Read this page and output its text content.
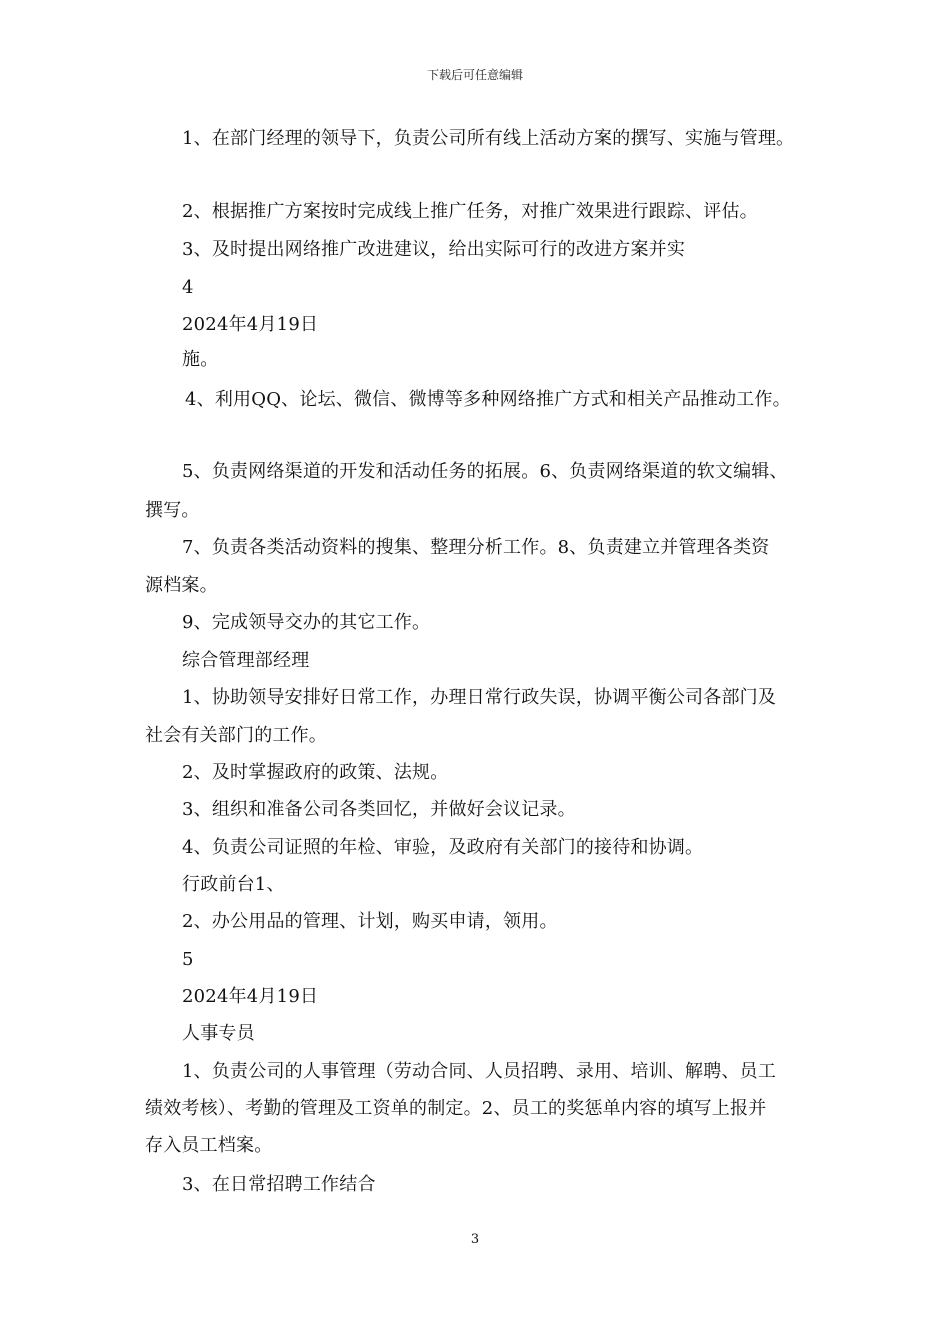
下载后可任意编辑
1、在部门经理的领导下，负责公司所有线上活动方案的撰写、实施与管理。
2、根据推广方案按时完成线上推广任务，对推广效果进行跟踪、评估。
3、及时提出网络推广改进建议，给出实际可行的改进方案并实
4
2024年4月19日
施。
4、利用QQ、论坛、微信、微博等多种网络推广方式和相关产品推动工作。
5、负责网络渠道的开发和活动任务的拓展。6、负责网络渠道的软文编辑、
撰写。
7、负责各类活动资料的搜集、整理分析工作。8、负责建立并管理各类资
源档案。
9、完成领导交办的其它工作。
综合管理部经理
1、协助领导安排好日常工作，办理日常行政失误，协调平衡公司各部门及
社会有关部门的工作。
2、及时掌握政府的政策、法规。
3、组织和准备公司各类回忆，并做好会议记录。
4、负责公司证照的年检、审验，及政府有关部门的接待和协调。
行政前台1、
2、办公用品的管理、计划，购买申请，领用。
5
2024年4月19日
人事专员
1、负责公司的人事管理（劳动合同、人员招聘、录用、培训、解聘、员工
绩效考核）、考勤的管理及工资单的制定。2、员工的奖惩单内容的填写上报并
存入员工档案。
3、在日常招聘工作结合
3
